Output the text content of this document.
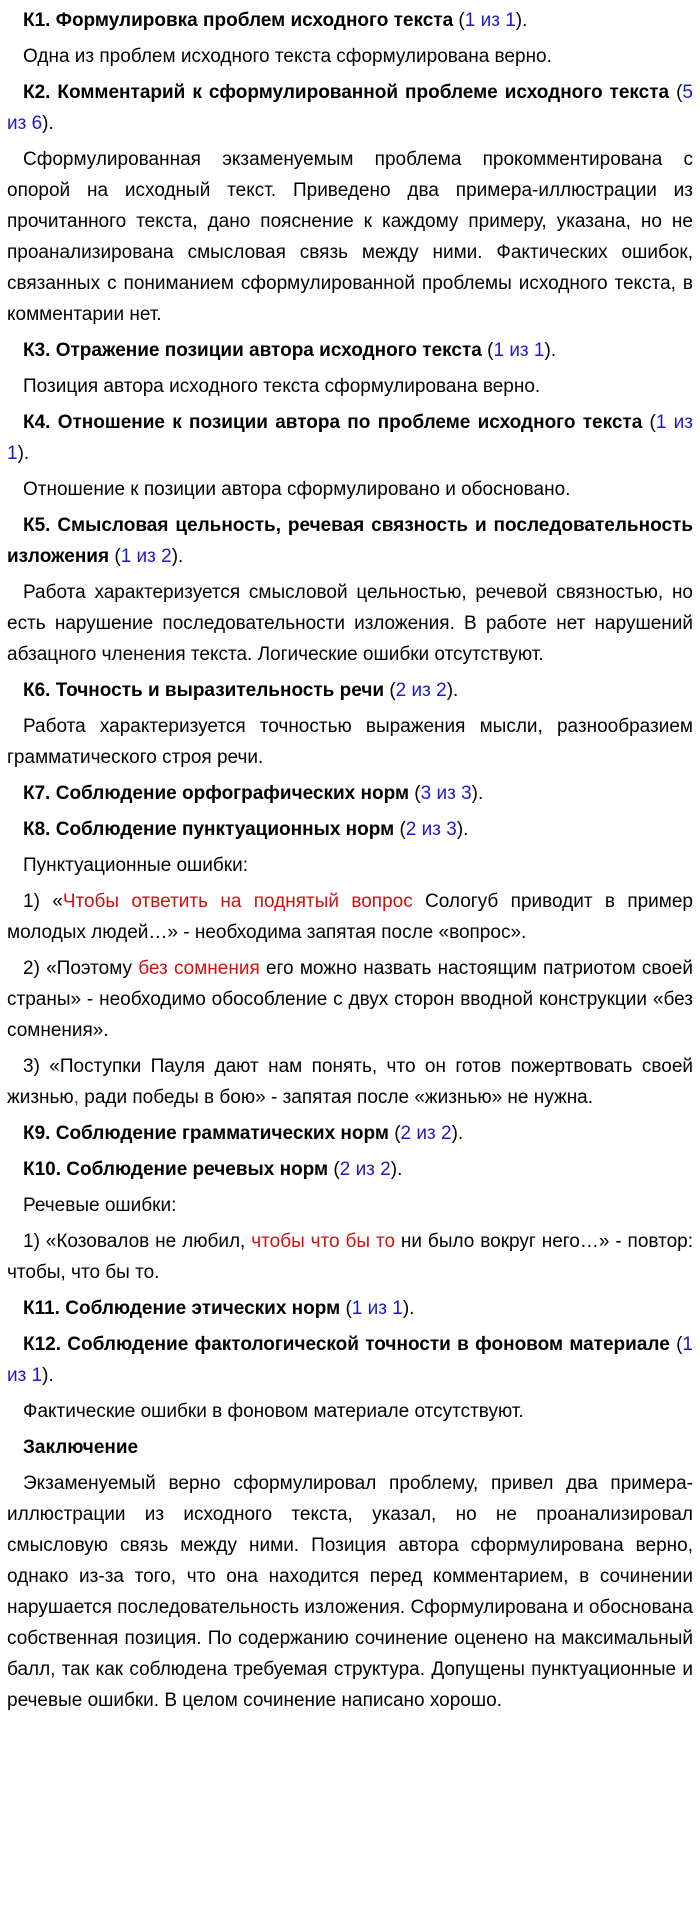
К1. Формулировка проблем исходного текста (1 из 1).

Одна из проблем исходного текста сформулирована верно.

К2. Комментарий к сформулированной проблеме исходного текста (5 из 6).

Сформулированная экзаменуемым проблема прокомментирована с опорой на исходный текст. Приведено два примера-иллюстрации из прочитанного текста, дано пояснение к каждому примеру, указана, но не проанализирована смысловая связь между ними. Фактических ошибок, связанных с пониманием сформулированной проблемы исходного текста, в комментарии нет.

К3. Отражение позиции автора исходного текста (1 из 1).

Позиция автора исходного текста сформулирована верно.

К4. Отношение к позиции автора по проблеме исходного текста (1 из 1).

Отношение к позиции автора сформулировано и обосновано.

К5. Смысловая цельность, речевая связность и последовательность изложения (1 из 2).

Работа характеризуется смысловой цельностью, речевой связностью, но есть нарушение последовательности изложения. В работе нет нарушений абзацного членения текста. Логические ошибки отсутствуют.

К6. Точность и выразительность речи (2 из 2).

Работа характеризуется точностью выражения мысли, разнообразием грамматического строя речи.

К7. Соблюдение орфографических норм (3 из 3).

К8. Соблюдение пунктуационных норм (2 из 3).

Пунктуационные ошибки:

1) «Чтобы ответить на поднятый вопрос Сологуб приводит в пример молодых людей…» - необходима запятая после «вопрос».

2) «Поэтому без сомнения его можно назвать настоящим патриотом своей страны» - необходимо обособление с двух сторон вводной конструкции «без сомнения».

3) «Поступки Пауля дают нам понять, что он готов пожертвовать своей жизнью, ради победы в бою» - запятая после «жизнью» не нужна.

К9. Соблюдение грамматических норм (2 из 2).

К10. Соблюдение речевых норм (2 из 2).

Речевые ошибки:

1) «Козовалов не любил, чтобы что бы то ни было вокруг него…» - повтор: чтобы, что бы то.

К11. Соблюдение этических норм (1 из 1).

К12. Соблюдение фактологической точности в фоновом материале (1 из 1).

Фактические ошибки в фоновом материале отсутствуют.

Заключение

Экзаменуемый верно сформулировал проблему, привел два примера-иллюстрации из исходного текста, указал, но не проанализировал смысловую связь между ними. Позиция автора сформулирована верно, однако из-за того, что она находится перед комментарием, в сочинении нарушается последовательность изложения. Сформулирована и обоснована собственная позиция. По содержанию сочинение оценено на максимальный балл, так как соблюдена требуемая структура. Допущены пунктуационные и речевые ошибки. В целом сочинение написано хорошо.
